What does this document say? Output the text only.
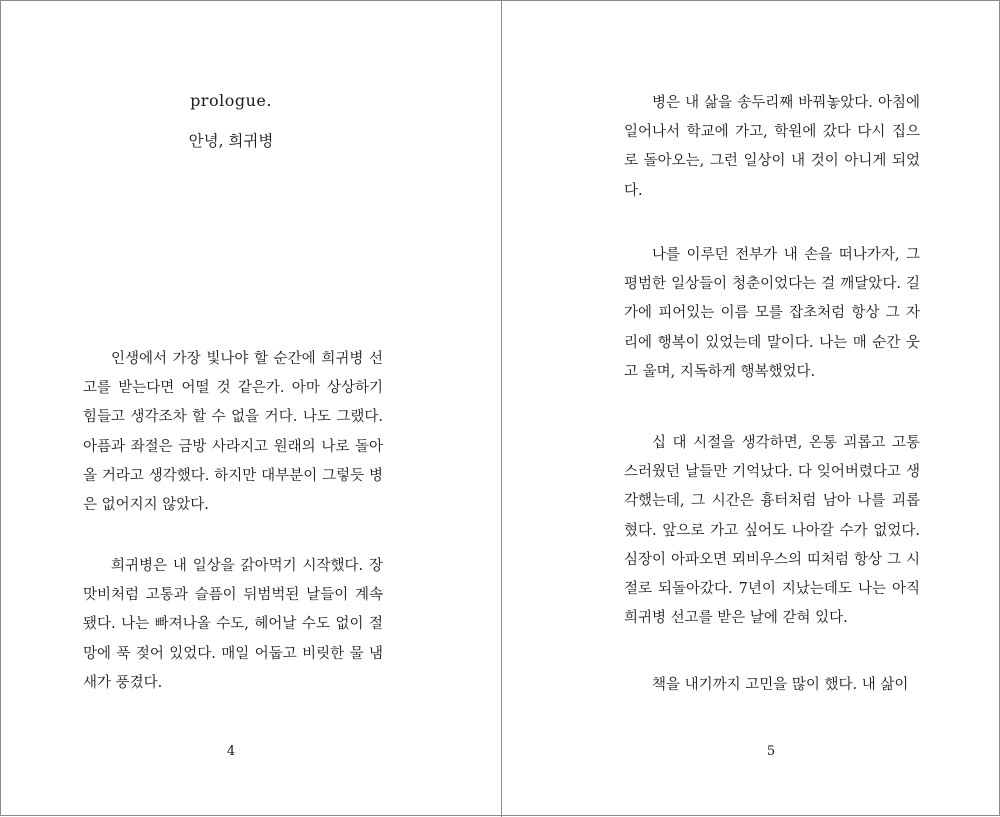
prologue.
안녕, 희귀병

인생에서 가장 빛나야 할 순간에 희귀병 선고를 받는다면 어떨 것 같은가. 아마 상상하기 힘들고 생각조차 할 수 없을 거다. 나도 그랬다. 아픔과 좌절은 금방 사라지고 원래의 나로 돌아올 거라고 생각했다. 하지만 대부분이 그렇듯 병은 없어지지 않았다.

희귀병은 내 일상을 갉아먹기 시작했다. 장맛비처럼 고통과 슬픔이 뒤범벅된 날들이 계속됐다. 나는 빠져나올 수도, 헤어날 수도 없이 절망에 푹 젖어 있었다. 매일 어둡고 비릿한 물 냄새가 풍겼다.

4

병은 내 삶을 송두리째 바꿔놓았다. 아침에 일어나서 학교에 가고, 학원에 갔다 다시 집으로 돌아오는, 그런 일상이 내 것이 아니게 되었다.

나를 이루던 전부가 내 손을 떠나가자, 그 평범한 일상들이 청춘이었다는 걸 깨달았다. 길가에 피어있는 이름 모를 잡초처럼 항상 그 자리에 행복이 있었는데 말이다. 나는 매 순간 웃고 울며, 지독하게 행복했었다.

십 대 시절을 생각하면, 온통 괴롭고 고통스러웠던 날들만 기억났다. 다 잊어버렸다고 생각했는데, 그 시간은 흉터처럼 남아 나를 괴롭혔다. 앞으로 가고 싶어도 나아갈 수가 없었다. 심장이 아파오면 뫼비우스의 띠처럼 항상 그 시절로 되돌아갔다. 7년이 지났는데도 나는 아직 희귀병 선고를 받은 날에 갇혀 있다.

책을 내기까지 고민을 많이 했다. 내 삶이

5
